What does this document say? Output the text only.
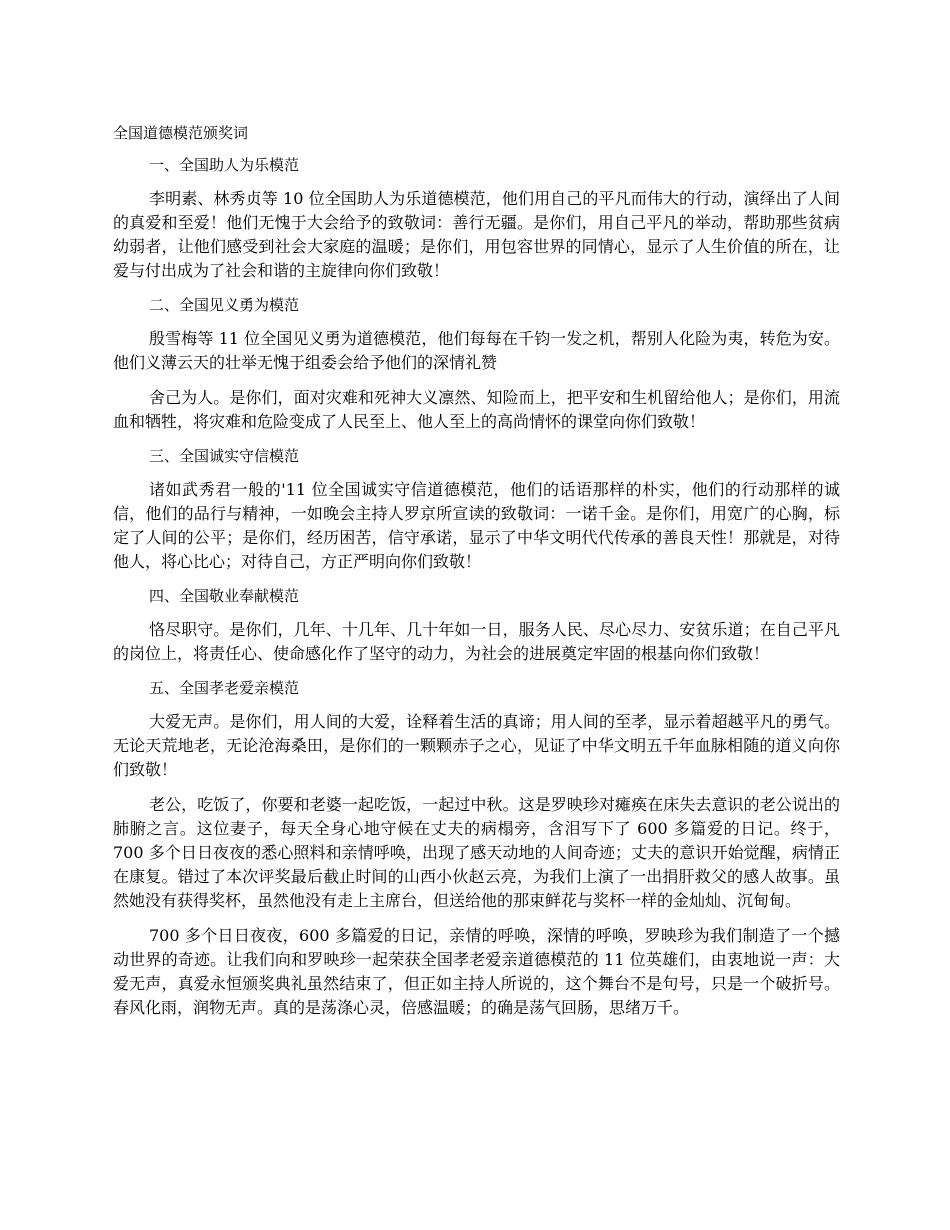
全国道德模范颁奖词
一、全国助人为乐模范

李明素、林秀贞等 10 位全国助人为乐道德模范，他们用自己的平凡而伟大的行动，演绎出了人间的真爱和至爱！他们无愧于大会给予的致敬词：善行无疆。是你们，用自己平凡的举动，帮助那些贫病幼弱者，让他们感受到社会大家庭的温暖；是你们，用包容世界的同情心，显示了人生价值的所在，让爱与付出成为了社会和谐的主旋律向你们致敬！

二、全国见义勇为模范

殷雪梅等 11 位全国见义勇为道德模范，他们每每在千钧一发之机，帮别人化险为夷，转危为安。他们义薄云天的壮举无愧于组委会给予他们的深情礼赞

舍己为人。是你们，面对灾难和死神大义凛然、知险而上，把平安和生机留给他人；是你们，用流血和牺牲，将灾难和危险变成了人民至上、他人至上的高尚情怀的课堂向你们致敬！

三、全国诚实守信模范

诸如武秀君一般的'11 位全国诚实守信道德模范，他们的话语那样的朴实，他们的行动那样的诚信，他们的品行与精神，一如晚会主持人罗京所宣读的致敬词：一诺千金。是你们，用宽广的心胸，标定了人间的公平；是你们，经历困苦，信守承诺，显示了中华文明代代传承的善良天性！那就是，对待他人，将心比心；对待自己，方正严明向你们致敬！

四、全国敬业奉献模范

恪尽职守。是你们，几年、十几年、几十年如一日，服务人民、尽心尽力、安贫乐道；在自己平凡的岗位上，将责任心、使命感化作了坚守的动力，为社会的进展奠定牢固的根基向你们致敬！

五、全国孝老爱亲模范

大爱无声。是你们，用人间的大爱，诠释着生活的真谛；用人间的至孝，显示着超越平凡的勇气。无论天荒地老，无论沧海桑田，是你们的一颗颗赤子之心，见证了中华文明五千年血脉相随的道义向你们致敬！

老公，吃饭了，你要和老婆一起吃饭，一起过中秋。这是罗映珍对瘫痪在床失去意识的老公说出的肺腑之言。这位妻子，每天全身心地守候在丈夫的病榻旁，含泪写下了 600 多篇爱的日记。终于，700 多个日日夜夜的悉心照料和亲情呼唤，出现了感天动地的人间奇迹；丈夫的意识开始觉醒，病情正在康复。错过了本次评奖最后截止时间的山西小伙赵云亮，为我们上演了一出捐肝救父的感人故事。虽然她没有获得奖杯，虽然他没有走上主席台，但送给他的那束鲜花与奖杯一样的金灿灿、沉甸甸。

700 多个日日夜夜，600 多篇爱的日记，亲情的呼唤，深情的呼唤，罗映珍为我们制造了一个撼动世界的奇迹。让我们向和罗映珍一起荣获全国孝老爱亲道德模范的 11 位英雄们，由衷地说一声：大爱无声，真爱永恒颁奖典礼虽然结束了，但正如主持人所说的，这个舞台不是句号，只是一个破折号。春风化雨，润物无声。真的是荡涤心灵，倍感温暖；的确是荡气回肠，思绪万千。
